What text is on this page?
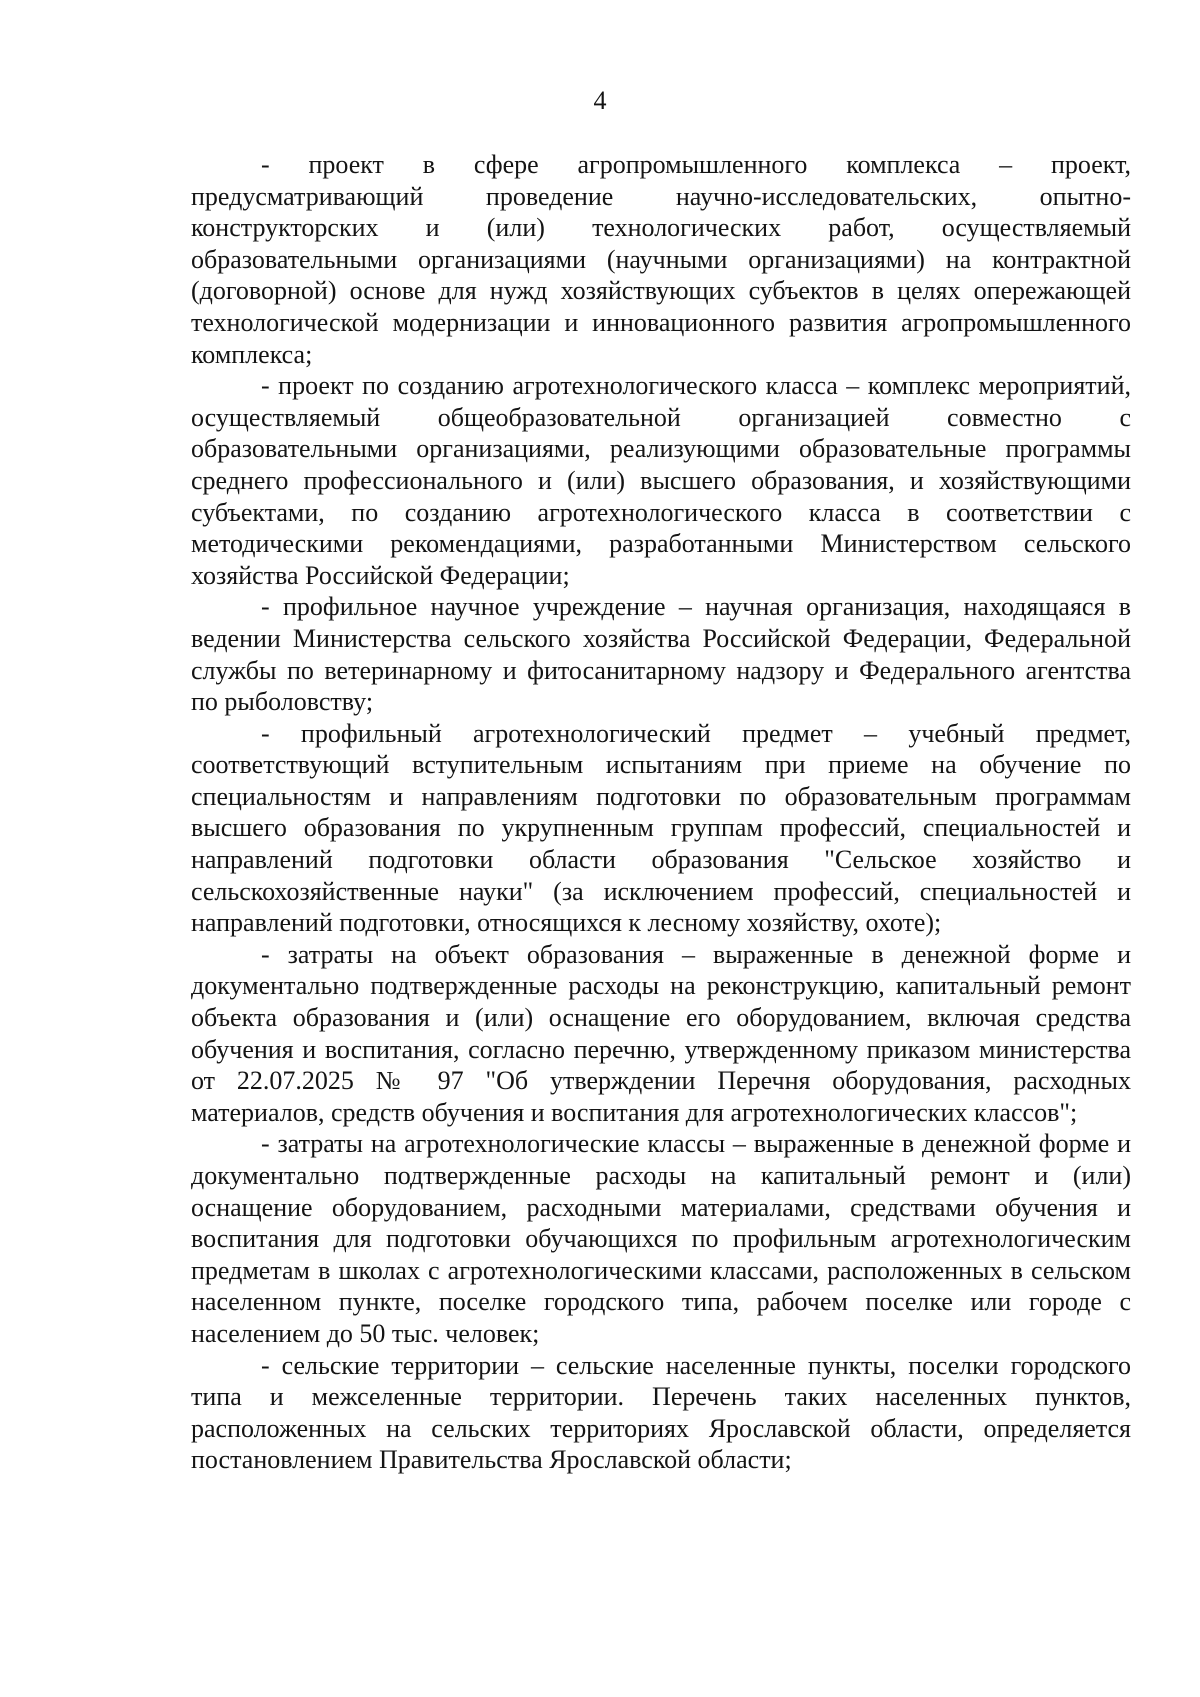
4

- проект в сфере агропромышленного комплекса – проект, предусматривающий проведение научно-исследовательских, опытно-конструкторских и (или) технологических работ, осуществляемый образовательными организациями (научными организациями) на контрактной (договорной) основе для нужд хозяйствующих субъектов в целях опережающей технологической модернизации и инновационного развития агропромышленного комплекса;

- проект по созданию агротехнологического класса – комплекс мероприятий, осуществляемый общеобразовательной организацией совместно с образовательными организациями, реализующими образовательные программы среднего профессионального и (или) высшего образования, и хозяйствующими субъектами, по созданию агротехнологического класса в соответствии с методическими рекомендациями, разработанными Министерством сельского хозяйства Российской Федерации;

- профильное научное учреждение – научная организация, находящаяся в ведении Министерства сельского хозяйства Российской Федерации, Федеральной службы по ветеринарному и фитосанитарному надзору и Федерального агентства по рыболовству;

- профильный агротехнологический предмет – учебный предмет, соответствующий вступительным испытаниям при приеме на обучение по специальностям и направлениям подготовки по образовательным программам высшего образования по укрупненным группам профессий, специальностей и направлений подготовки области образования "Сельское хозяйство и сельскохозяйственные науки" (за исключением профессий, специальностей и направлений подготовки, относящихся к лесному хозяйству, охоте);

- затраты на объект образования – выраженные в денежной форме и документально подтвержденные расходы на реконструкцию, капитальный ремонт объекта образования и (или) оснащение его оборудованием, включая средства обучения и воспитания, согласно перечню, утвержденному приказом министерства от 22.07.2025 № 97 "Об утверждении Перечня оборудования, расходных материалов, средств обучения и воспитания для агротехнологических классов";

- затраты на агротехнологические классы – выраженные в денежной форме и документально подтвержденные расходы на капитальный ремонт и (или) оснащение оборудованием, расходными материалами, средствами обучения и воспитания для подготовки обучающихся по профильным агротехнологическим предметам в школах с агротехнологическими классами, расположенных в сельском населенном пункте, поселке городского типа, рабочем поселке или городе с населением до 50 тыс. человек;

- сельские территории – сельские населенные пункты, поселки городского типа и межселенные территории. Перечень таких населенных пунктов, расположенных на сельских территориях Ярославской области, определяется постановлением Правительства Ярославской области;
